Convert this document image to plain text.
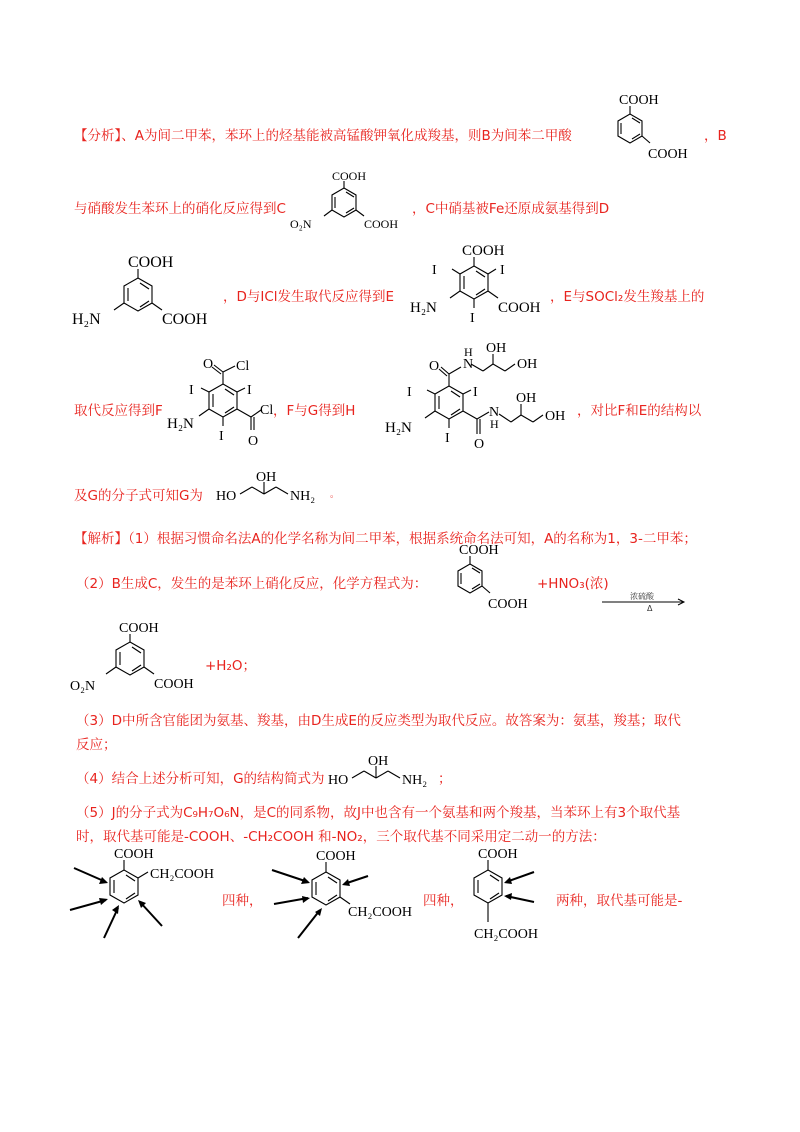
【分析】、A为间二甲苯，苯环上的烃基能被高锰酸钾氧化成羧基，则B为间苯二甲酸	，B
与硝酸发生苯环上的硝化反应得到C	，C中硝基被Fe还原成氨基得到D
，D与ICl发生取代反应得到E	，E与SOCl₂发生羧基上的
取代反应得到F	，F与G得到H	，对比F和E的结构以
及G的分子式可知G为	。
【解析】（1）根据习惯命名法A的化学名称为间二甲苯，根据系统命名法可知，A的名称为1，3-二甲苯；
（2）B生成C，发生的是苯环上硝化反应，化学方程式为：	+HNO₃(浓)
浓硫酸
Δ
+H₂O；
（3）D中所含官能团为氨基、羧基，由D生成E的反应类型为取代反应。故答案为：氨基，羧基；取代
反应；
（4）结合上述分析可知，G的结构简式为	；
（5）J的分子式为C₉H₇O₆N，是C的同系物，故J中也含有一个氨基和两个羧基，当苯环上有3个取代基
时，取代基可能是-COOH、-CH₂COOH 和-NO₂，三个取代基不同采用定二动一的方法：
四种，	四种，	两种，取代基可能是-
COOH
COOH
COOH
COOH
O₂N
COOH
COOH
H₂N
COOH
I	I
COOH
H₂N
I
O Cl
I	I
Cl
H₂N
I O
O N
H OH
OH
I	I
N
H
OH
OH
H₂N
I O
HO
OH
NH₂
COOH
COOH
COOH
COOH
O₂N
HO
OH
NH₂
COOH
CH₂COOH
COOH
CH₂COOH
COOH
CH₂COOH
